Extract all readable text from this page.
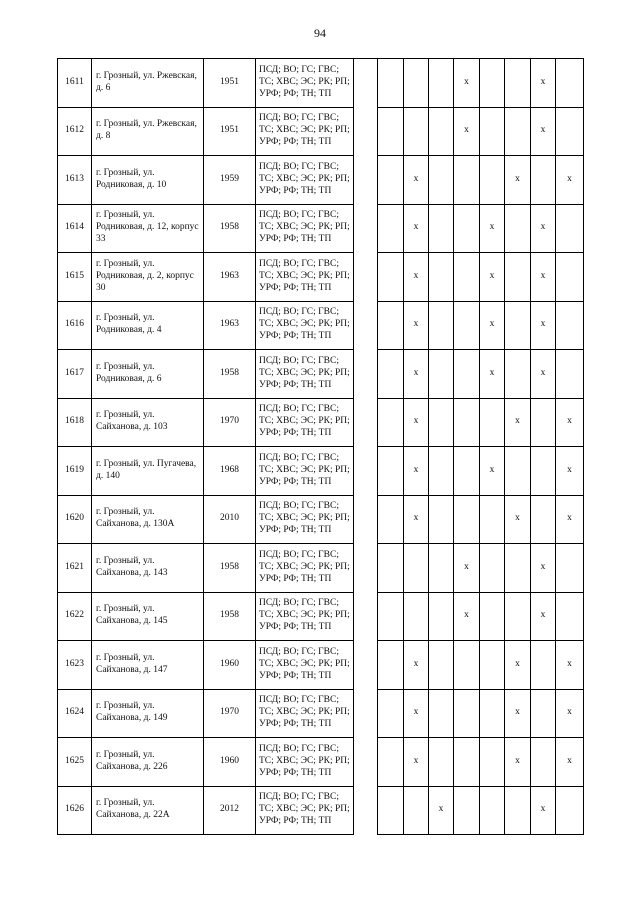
94
1611	г. Грозный, ул. Ржевская, д. 6	1951	ПСД; ВО; ГС; ГВС; ТС; ХВС; ЭС; РК; РП; УРФ; РФ; ТН; ТП					х			х	
1612	г. Грозный, ул. Ржевская, д. 8	1951	ПСД; ВО; ГС; ГВС; ТС; ХВС; ЭС; РК; РП; УРФ; РФ; ТН; ТП					х			х	
1613	г. Грозный, ул. Родниковая, д. 10	1959	ПСД; ВО; ГС; ГВС; ТС; ХВС; ЭС; РК; РП; УРФ; РФ; ТН; ТП			х				х		х
1614	г. Грозный, ул. Родниковая, д. 12, корпус 33	1958	ПСД; ВО; ГС; ГВС; ТС; ХВС; ЭС; РК; РП; УРФ; РФ; ТН; ТП			х			х		х	
1615	г. Грозный, ул. Родниковая, д. 2, корпус 30	1963	ПСД; ВО; ГС; ГВС; ТС; ХВС; ЭС; РК; РП; УРФ; РФ; ТН; ТП			х			х		х	
1616	г. Грозный, ул. Родниковая, д. 4	1963	ПСД; ВО; ГС; ГВС; ТС; ХВС; ЭС; РК; РП; УРФ; РФ; ТН; ТП			х			х		х	
1617	г. Грозный, ул. Родниковая, д. 6	1958	ПСД; ВО; ГС; ГВС; ТС; ХВС; ЭС; РК; РП; УРФ; РФ; ТН; ТП			х			х		х	
1618	г. Грозный, ул. Сайханова, д. 103	1970	ПСД; ВО; ГС; ГВС; ТС; ХВС; ЭС; РК; РП; УРФ; РФ; ТН; ТП			х				х		х
1619	г. Грозный, ул. Пугачева, д. 140	1968	ПСД; ВО; ГС; ГВС; ТС; ХВС; ЭС; РК; РП; УРФ; РФ; ТН; ТП			х			х			х
1620	г. Грозный, ул. Сайханова, д. 130А	2010	ПСД; ВО; ГС; ГВС; ТС; ХВС; ЭС; РК; РП; УРФ; РФ; ТН; ТП			х				х		х
1621	г. Грозный, ул. Сайханова, д. 143	1958	ПСД; ВО; ГС; ГВС; ТС; ХВС; ЭС; РК; РП; УРФ; РФ; ТН; ТП					х			х	
1622	г. Грозный, ул. Сайханова, д. 145	1958	ПСД; ВО; ГС; ГВС; ТС; ХВС; ЭС; РК; РП; УРФ; РФ; ТН; ТП					х			х	
1623	г. Грозный, ул. Сайханова, д. 147	1960	ПСД; ВО; ГС; ГВС; ТС; ХВС; ЭС; РК; РП; УРФ; РФ; ТН; ТП			х				х		х
1624	г. Грозный, ул. Сайханова, д. 149	1970	ПСД; ВО; ГС; ГВС; ТС; ХВС; ЭС; РК; РП; УРФ; РФ; ТН; ТП			х				х		х
1625	г. Грозный, ул. Сайханова, д. 226	1960	ПСД; ВО; ГС; ГВС; ТС; ХВС; ЭС; РК; РП; УРФ; РФ; ТН; ТП			х				х		х
1626	г. Грозный, ул. Сайханова, д. 22А	2012	ПСД; ВО; ГС; ГВС; ТС; ХВС; ЭС; РК; РП; УРФ; РФ; ТН; ТП				х				х	
